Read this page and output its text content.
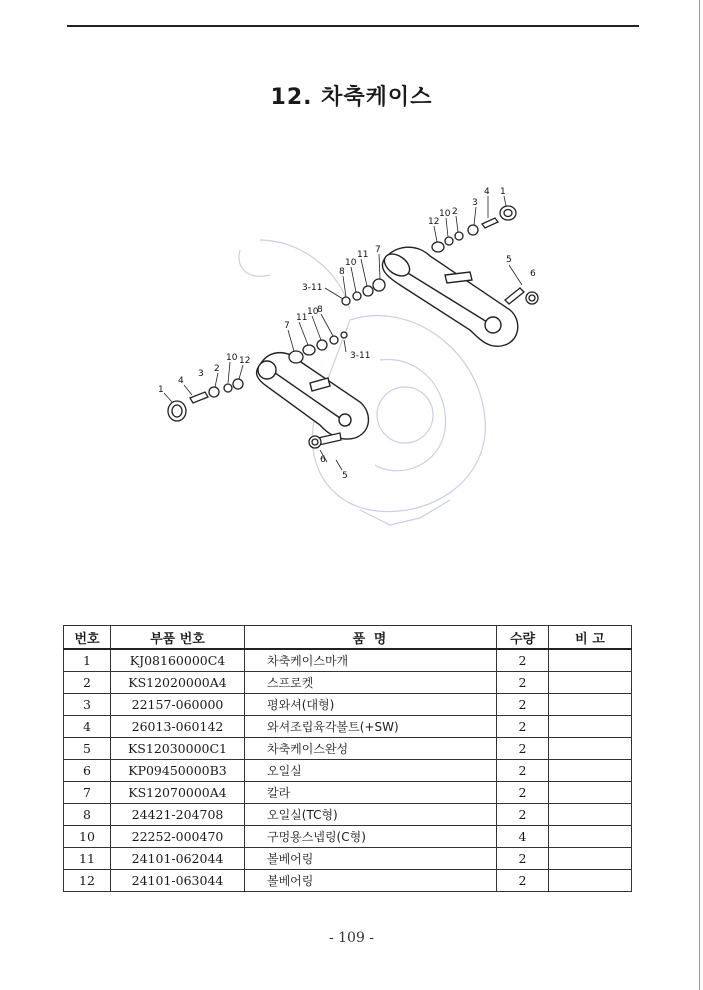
12. 차축케이스
1
4
3
2
10
12
7
11
10
8
3-11
5
6
7
11
10
8
3-11
12
10
2
3
4
1
6
5
번호	부품 번호	품 명	수량	비 고
1	KJ08160000C4	차축케이스마개	2	
2	KS12020000A4	스프로켓	2	
3	22157-060000	평와셔(대형)	2	
4	26013-060142	와셔조립육각볼트(+SW)	2	
5	KS12030000C1	차축케이스완성	2	
6	KP09450000B3	오일실	2	
7	KS12070000A4	칼라	2	
8	24421-204708	오일실(TC형)	2	
10	22252-000470	구멍용스넵링(C형)	4	
11	24101-062044	볼베어링	2	
12	24101-063044	볼베어링	2	
- 109 -
